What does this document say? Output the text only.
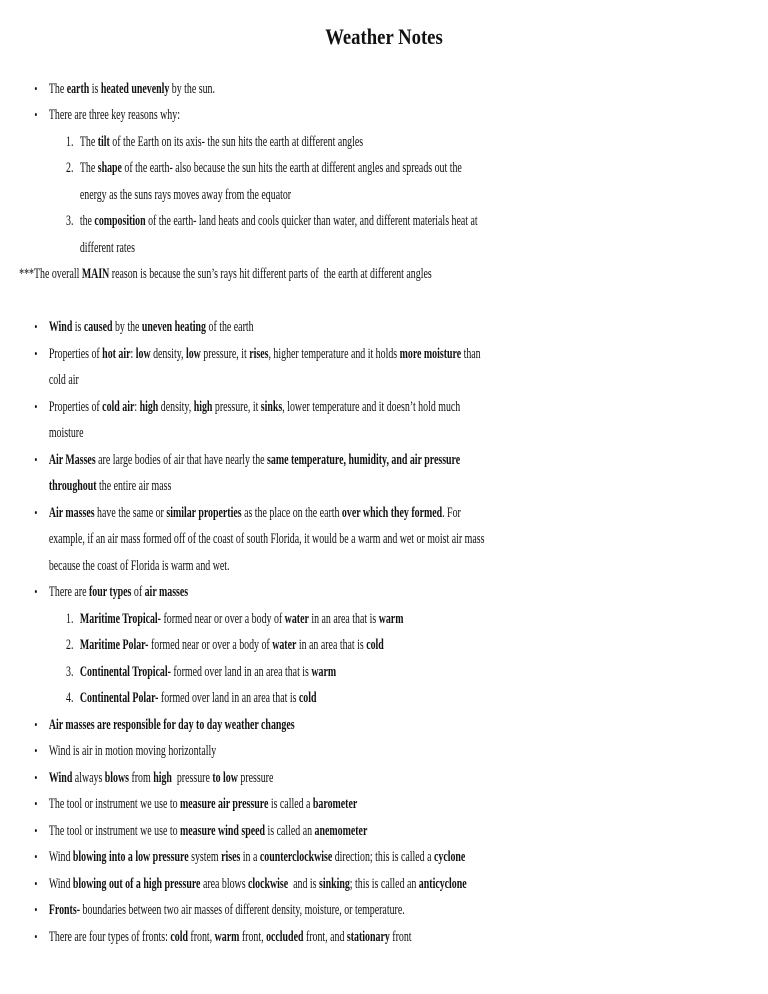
Weather Notes
• The earth is heated unevenly by the sun.
• There are three key reasons why:
1. The tilt of the Earth on its axis- the sun hits the earth at different angles
2. The shape of the earth- also because the sun hits the earth at different angles and spreads out the
energy as the suns rays moves away from the equator
3. the composition of the earth- land heats and cools quicker than water, and different materials heat at
different rates
***The overall MAIN reason is because the sun’s rays hit different parts of  the earth at different angles
• Wind is caused by the uneven heating of the earth
• Properties of hot air: low density, low pressure, it rises, higher temperature and it holds more moisture than
cold air
• Properties of cold air: high density, high pressure, it sinks, lower temperature and it doesn’t hold much
moisture
• Air Masses are large bodies of air that have nearly the same temperature, humidity, and air pressure
throughout the entire air mass
• Air masses have the same or similar properties as the place on the earth over which they formed. For
example, if an air mass formed off of the coast of south Florida, it would be a warm and wet or moist air mass
because the coast of Florida is warm and wet.
• There are four types of air masses
1. Maritime Tropical- formed near or over a body of water in an area that is warm
2. Maritime Polar- formed near or over a body of water in an area that is cold
3. Continental Tropical- formed over land in an area that is warm
4. Continental Polar- formed over land in an area that is cold
• Air masses are responsible for day to day weather changes
• Wind is air in motion moving horizontally
• Wind always blows from high  pressure to low pressure
• The tool or instrument we use to measure air pressure is called a barometer
• The tool or instrument we use to measure wind speed is called an anemometer
• Wind blowing into a low pressure system rises in a counterclockwise direction; this is called a cyclone
• Wind blowing out of a high pressure area blows clockwise  and is sinking; this is called an anticyclone
• Fronts- boundaries between two air masses of different density, moisture, or temperature.
• There are four types of fronts: cold front, warm front, occluded front, and stationary front
